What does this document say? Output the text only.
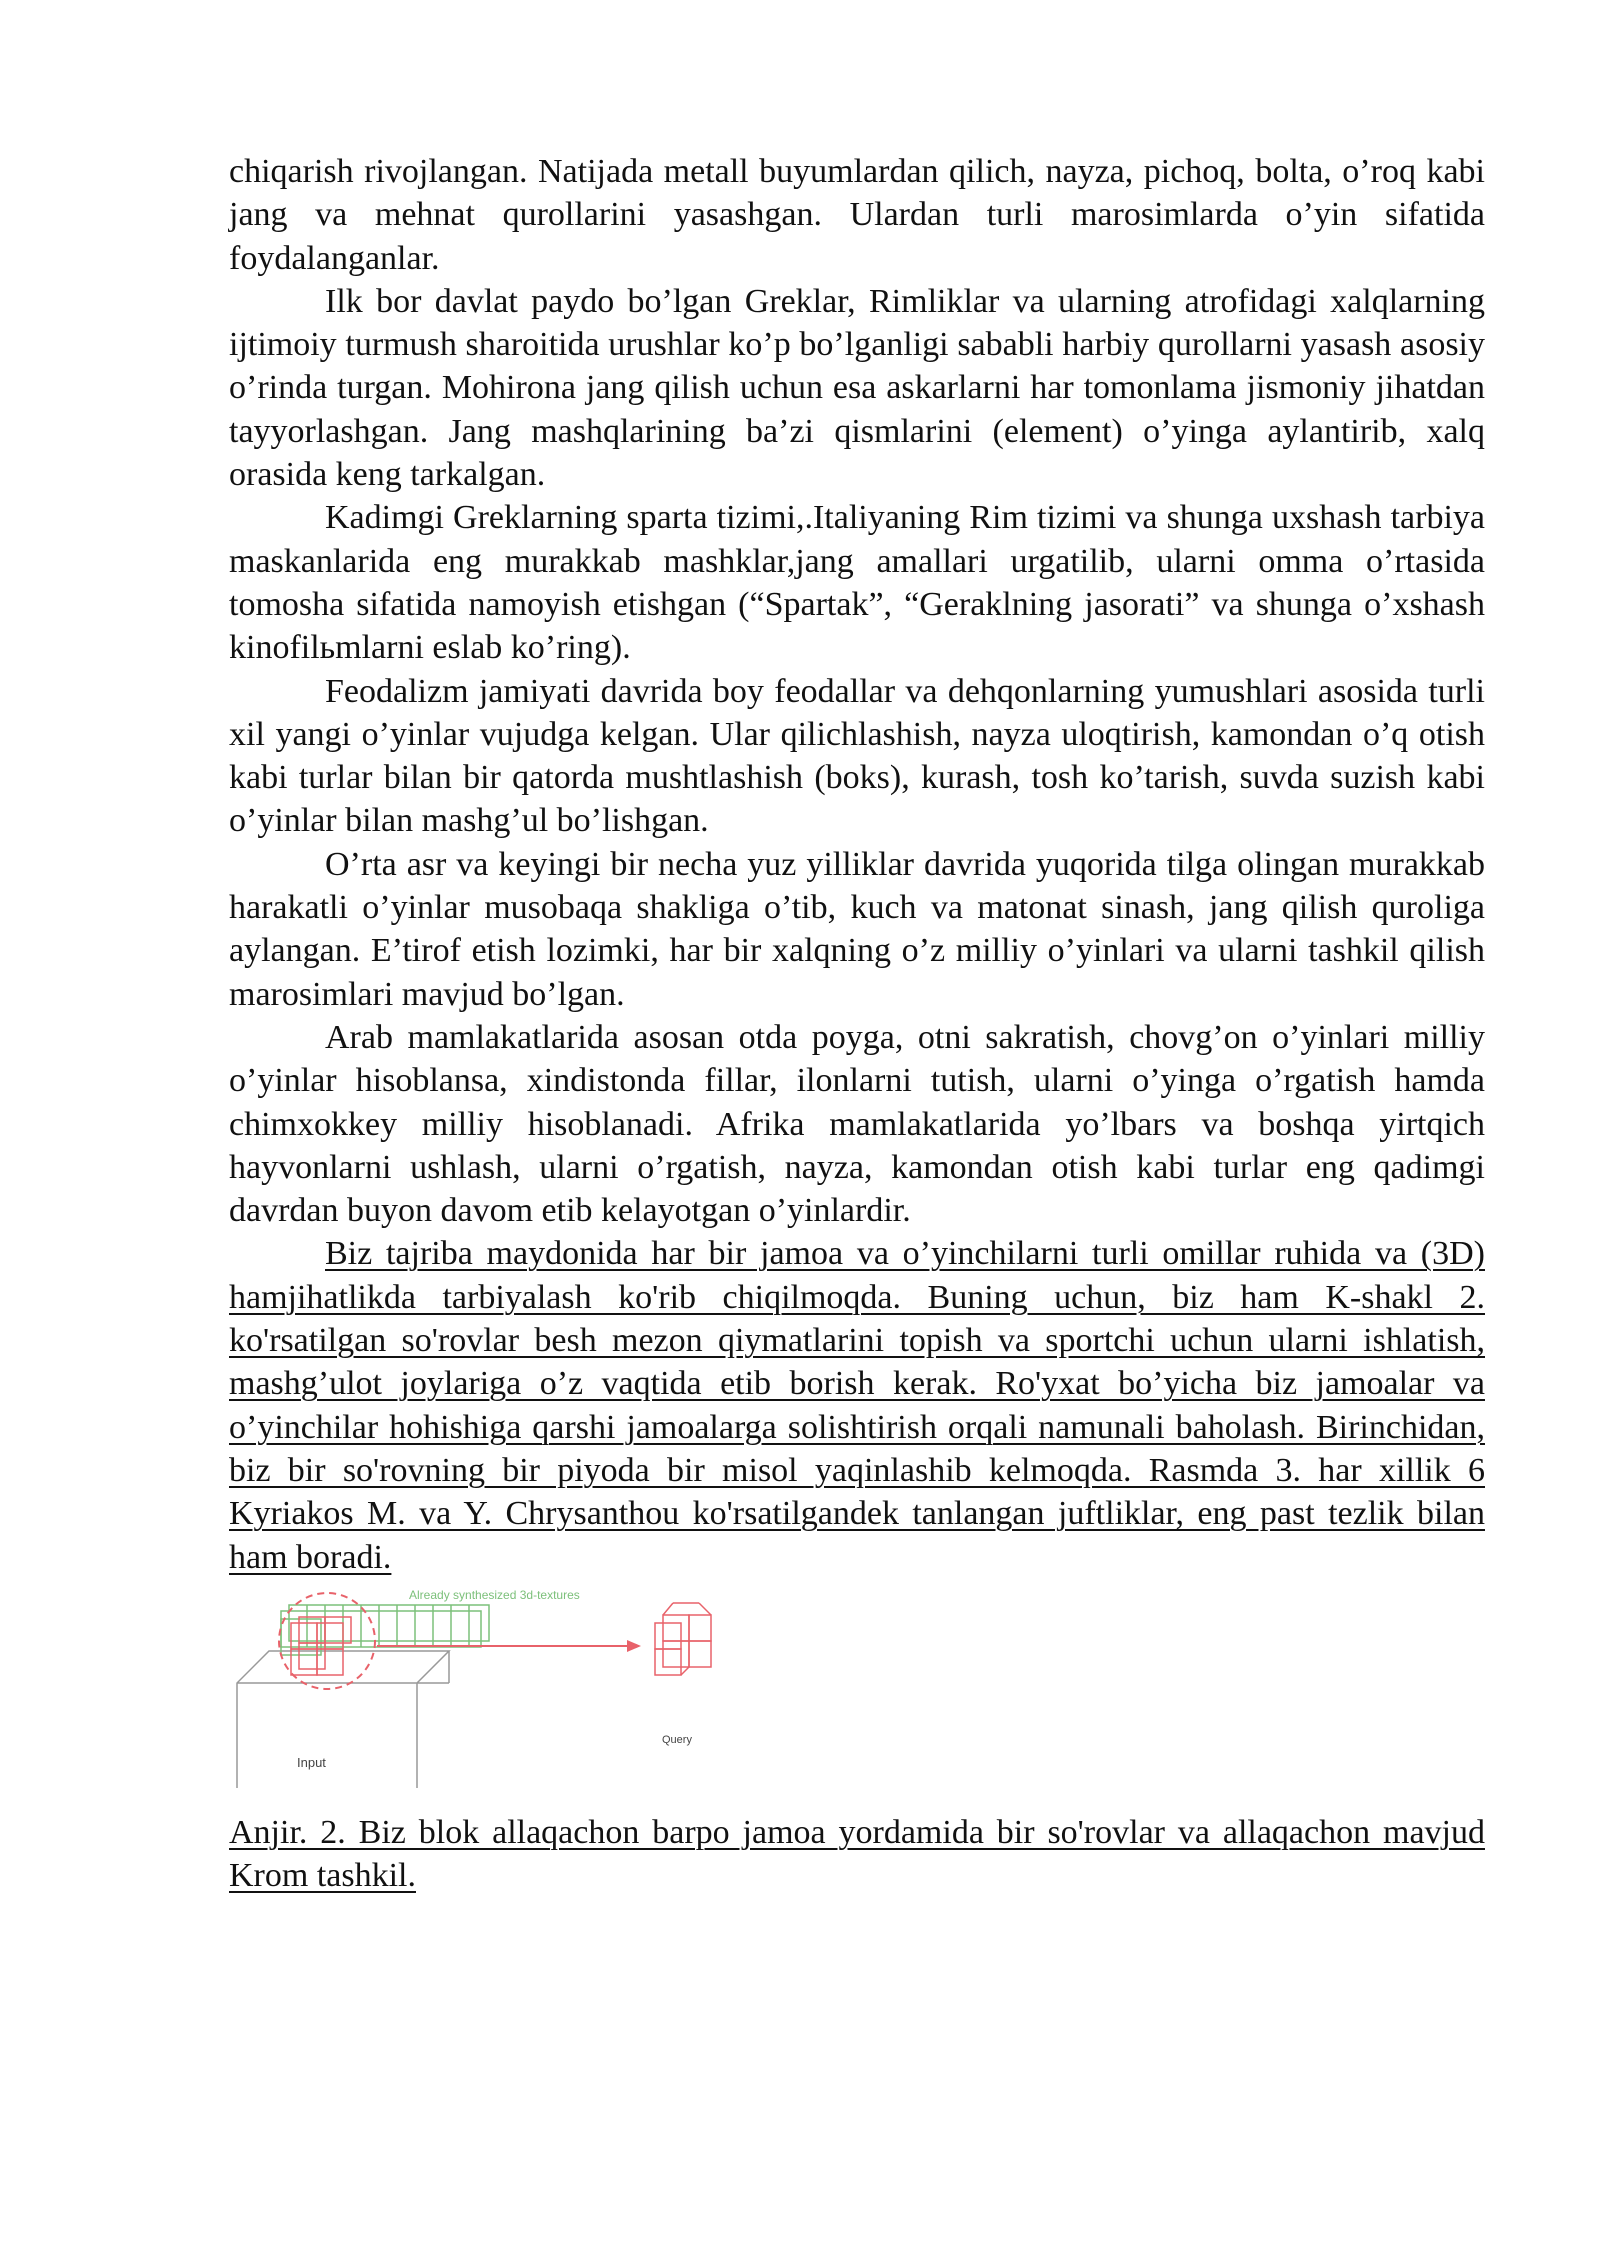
chiqarish rivojlangan. Natijada metall buyumlardan qilich, nayza, pichoq, bolta, o’roq kabi jang va mehnat qurollarini yasashgan. Ulardan turli marosimlarda o’yin sifatida foydalanganlar.

Ilk bor davlat paydo bo’lgan Greklar, Rimliklar va ularning atrofidagi xalqlarning ijtimoiy turmush sharoitida urushlar ko’p bo’lganligi sababli harbiy qurollarni yasash asosiy o’rinda turgan. Mohirona jang qilish uchun esa askarlarni har tomonlama jismoniy jihatdan tayyorlashgan. Jang mashqlarining ba’zi qismlarini (element) o’yinga aylantirib, xalq orasida keng tarkalgan.

Kadimgi Greklarning sparta tizimi,.Italiyaning Rim tizimi va shunga uxshash tarbiya maskanlarida eng murakkab mashklar,jang amallari urgatilib, ularni omma o’rtasida tomosha sifatida namoyish etishgan (“Spartak”, “Geraklning jasorati” va shunga o’xshash kinofilьmlarni eslab ko’ring).

Feodalizm jamiyati davrida boy feodallar va dehqonlarning yumushlari asosida turli xil yangi o’yinlar vujudga kelgan. Ular qilichlashish, nayza uloqtirish, kamondan o’q otish kabi turlar bilan bir qatorda mushtlashish (boks), kurash, tosh ko’tarish, suvda suzish kabi o’yinlar bilan mashg’ul bo’lishgan.

O’rta asr va keyingi bir necha yuz yilliklar davrida yuqorida tilga olingan murakkab harakatli o’yinlar musobaqa shakliga o’tib, kuch va matonat sinash, jang qilish quroliga aylangan. E’tirof etish lozimki, har bir xalqning o’z milliy o’yinlari va ularni tashkil qilish marosimlari mavjud bo’lgan.

Arab mamlakatlarida asosan otda poyga, otni sakratish, chovg’on o’yinlari milliy o’yinlar hisoblansa, xindistonda fillar, ilonlarni tutish, ularni o’yinga o’rgatish hamda chimxokkey milliy hisoblanadi. Afrika mamlakatlarida yo’lbars va boshqa yirtqich hayvonlarni ushlash, ularni o’rgatish, nayza, kamondan otish kabi turlar eng qadimgi davrdan buyon davom etib kelayotgan o’yinlardir.

Biz tajriba maydonida har bir jamoa va o’yinchilarni turli omillar ruhida va (3D) hamjihatlikda tarbiyalash ko'rib chiqilmoqda. Buning uchun, biz ham K-shakl 2. ko'rsatilgan so'rovlar besh mezon qiymatlarini topish va sportchi uchun ularni ishlatish, mashg’ulot joylariga o’z vaqtida etib borish kerak. Ro'yxat bo’yicha biz jamoalar va o’yinchilar hohishiga qarshi jamoalarga solishtirish orqali namunali baholash. Birinchidan, biz bir so'rovning bir piyoda bir misol yaqinlashib kelmoqda. Rasmda 3. har xillik 6 Kyriakos M. va Y. Chrysanthou ko'rsatilgandek tanlangan juftliklar, eng past tezlik bilan ham boradi.

Already synthesized 3d-textures
Input
Query

Anjir. 2. Biz blok allaqachon barpo jamoa yordamida bir so'rovlar va allaqachon mavjud Krom tashkil.
